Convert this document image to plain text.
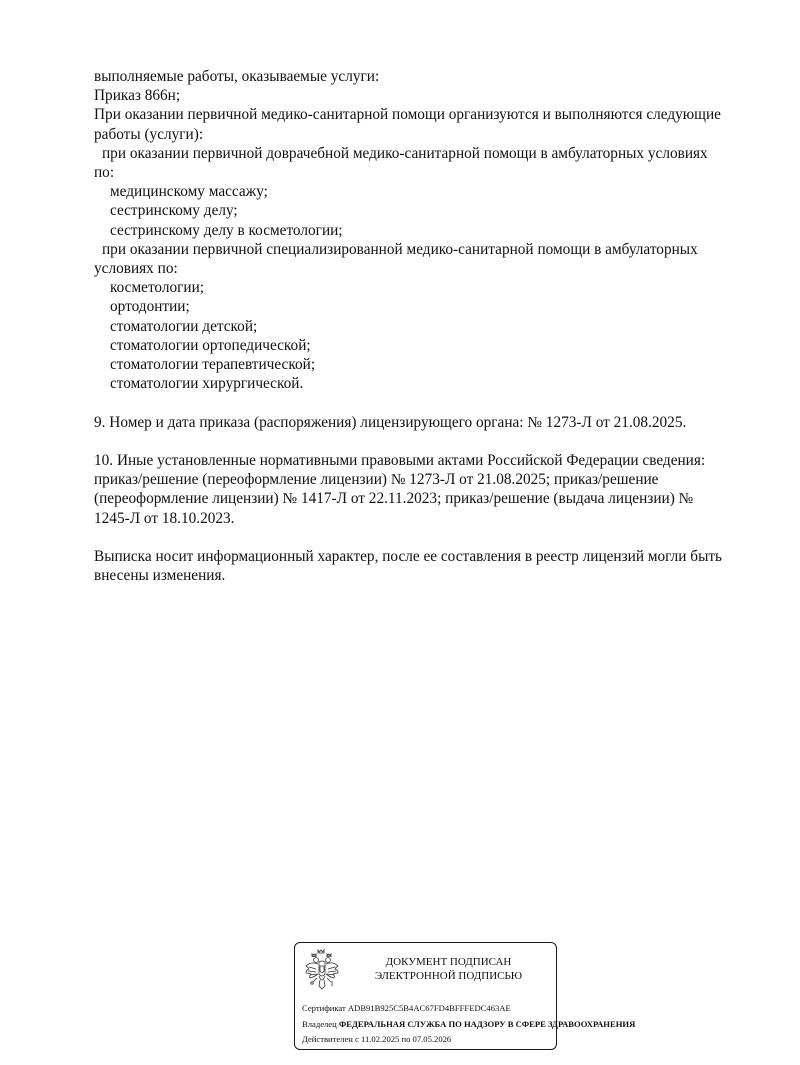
выполняемые работы, оказываемые услуги:
Приказ 866н;
При оказании первичной медико-санитарной помощи организуются и выполняются следующие
работы (услуги):
при оказании первичной доврачебной медико-санитарной помощи в амбулаторных условиях
по:
медицинскому массажу;
сестринскому делу;
сестринскому делу в косметологии;
при оказании первичной специализированной медико-санитарной помощи в амбулаторных
условиях по:
косметологии;
ортодонтии;
стоматологии детской;
стоматологии ортопедической;
стоматологии терапевтической;
стоматологии хирургической.
9. Номер и дата приказа (распоряжения) лицензирующего органа: № 1273-Л от 21.08.2025.
10. Иные установленные нормативными правовыми актами Российской Федерации сведения:
приказ/решение (переоформление лицензии) № 1273-Л от 21.08.2025; приказ/решение
(переоформление лицензии) № 1417-Л от 22.11.2023; приказ/решение (выдача лицензии) №
1245-Л от 18.10.2023.
Выписка носит информационный характер, после ее составления в реестр лицензий могли быть
внесены изменения.
ДОКУМЕНТ ПОДПИСАН
ЭЛЕКТРОННОЙ ПОДПИСЬЮ
Сертификат ADB91B925C5B4AC67FD4BFFFEDC463AE
Владелец ФЕДЕРАЛЬНАЯ СЛУЖБА ПО НАДЗОРУ В СФЕРЕ ЗДРАВООХРАНЕНИЯ
Действителен с 11.02.2025 по 07.05.2026
